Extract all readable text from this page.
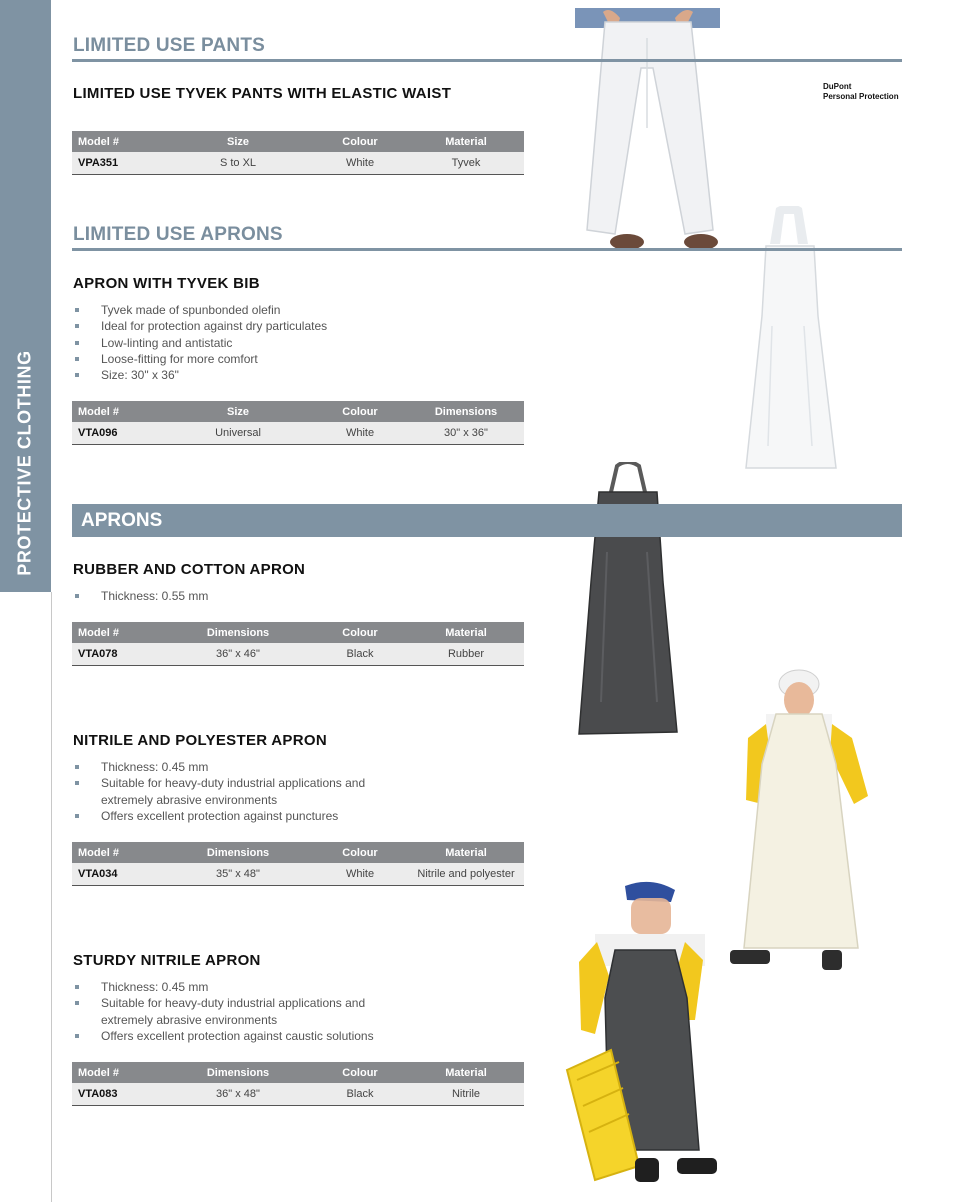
PROTECTIVE CLOTHING
LIMITED USE PANTS
DuPont
Personal Protection
LIMITED USE TYVEK PANTS WITH ELASTIC WAIST
Model #	Size	Colour	Material
VPA351	S to XL	White	Tyvek
LIMITED USE APRONS
APRON WITH TYVEK BIB
Tyvek made of spunbonded olefin
Ideal for protection against dry particulates
Low-linting and antistatic
Loose-fitting for more comfort
Size: 30" x 36"
Model #	Size	Colour	Dimensions
VTA096	Universal	White	30" x 36"
APRONS
RUBBER AND COTTON APRON
Thickness: 0.55 mm
Model #	Dimensions	Colour	Material
VTA078	36" x 46"	Black	Rubber
NITRILE AND POLYESTER APRON
Thickness: 0.45 mm
Suitable for heavy-duty industrial applications and extremely abrasive environments
Offers excellent protection against punctures
Model #	Dimensions	Colour	Material
VTA034	35" x 48"	White	Nitrile and polyester
STURDY NITRILE APRON
Thickness: 0.45 mm
Suitable for heavy-duty industrial applications and extremely abrasive environments
Offers excellent protection against caustic solutions
Model #	Dimensions	Colour	Material
VTA083	36" x 48"	Black	Nitrile
